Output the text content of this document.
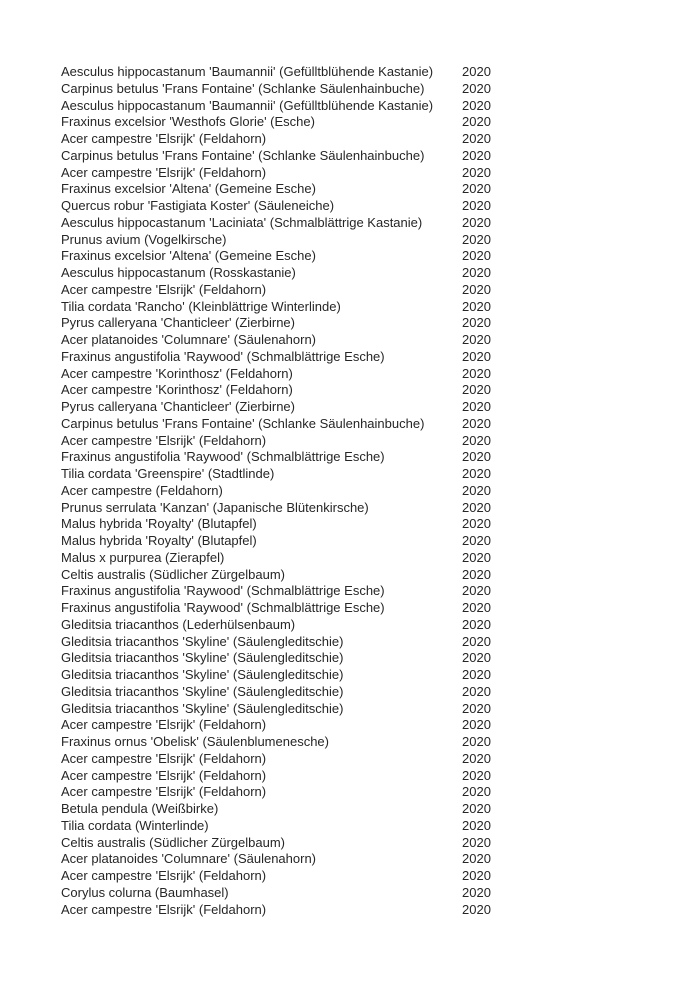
Aesculus hippocastanum 'Baumannii' (Gefülltblühende Kastanie)	2020
Carpinus betulus 'Frans Fontaine' (Schlanke Säulenhainbuche)	2020
Aesculus hippocastanum 'Baumannii' (Gefülltblühende Kastanie)	2020
Fraxinus excelsior 'Westhofs Glorie' (Esche)	2020
Acer campestre 'Elsrijk' (Feldahorn)	2020
Carpinus betulus 'Frans Fontaine' (Schlanke Säulenhainbuche)	2020
Acer campestre 'Elsrijk' (Feldahorn)	2020
Fraxinus excelsior 'Altena' (Gemeine Esche)	2020
Quercus robur 'Fastigiata Koster' (Säuleneiche)	2020
Aesculus hippocastanum 'Laciniata' (Schmalblättrige Kastanie)	2020
Prunus avium (Vogelkirsche)	2020
Fraxinus excelsior 'Altena' (Gemeine Esche)	2020
Aesculus hippocastanum (Rosskastanie)	2020
Acer campestre 'Elsrijk' (Feldahorn)	2020
Tilia cordata 'Rancho' (Kleinblättrige Winterlinde)	2020
Pyrus calleryana 'Chanticleer' (Zierbirne)	2020
Acer platanoides 'Columnare' (Säulenahorn)	2020
Fraxinus angustifolia 'Raywood' (Schmalblättrige Esche)	2020
Acer campestre 'Korinthosz' (Feldahorn)	2020
Acer campestre 'Korinthosz' (Feldahorn)	2020
Pyrus calleryana 'Chanticleer' (Zierbirne)	2020
Carpinus betulus 'Frans Fontaine' (Schlanke Säulenhainbuche)	2020
Acer campestre 'Elsrijk' (Feldahorn)	2020
Fraxinus angustifolia 'Raywood' (Schmalblättrige Esche)	2020
Tilia cordata 'Greenspire' (Stadtlinde)	2020
Acer campestre (Feldahorn)	2020
Prunus serrulata 'Kanzan' (Japanische Blütenkirsche)	2020
Malus hybrida 'Royalty' (Blutapfel)	2020
Malus hybrida 'Royalty' (Blutapfel)	2020
Malus x purpurea (Zierapfel)	2020
Celtis australis (Südlicher Zürgelbaum)	2020
Fraxinus angustifolia 'Raywood' (Schmalblättrige Esche)	2020
Fraxinus angustifolia 'Raywood' (Schmalblättrige Esche)	2020
Gleditsia triacanthos (Lederhülsenbaum)	2020
Gleditsia triacanthos 'Skyline' (Säulengleditschie)	2020
Gleditsia triacanthos 'Skyline' (Säulengleditschie)	2020
Gleditsia triacanthos 'Skyline' (Säulengleditschie)	2020
Gleditsia triacanthos 'Skyline' (Säulengleditschie)	2020
Gleditsia triacanthos 'Skyline' (Säulengleditschie)	2020
Acer campestre 'Elsrijk' (Feldahorn)	2020
Fraxinus ornus 'Obelisk' (Säulenblumenesche)	2020
Acer campestre 'Elsrijk' (Feldahorn)	2020
Acer campestre 'Elsrijk' (Feldahorn)	2020
Acer campestre 'Elsrijk' (Feldahorn)	2020
Betula pendula (Weißbirke)	2020
Tilia cordata (Winterlinde)	2020
Celtis australis (Südlicher Zürgelbaum)	2020
Acer platanoides 'Columnare' (Säulenahorn)	2020
Acer campestre 'Elsrijk' (Feldahorn)	2020
Corylus colurna (Baumhasel)	2020
Acer campestre 'Elsrijk' (Feldahorn)	2020
